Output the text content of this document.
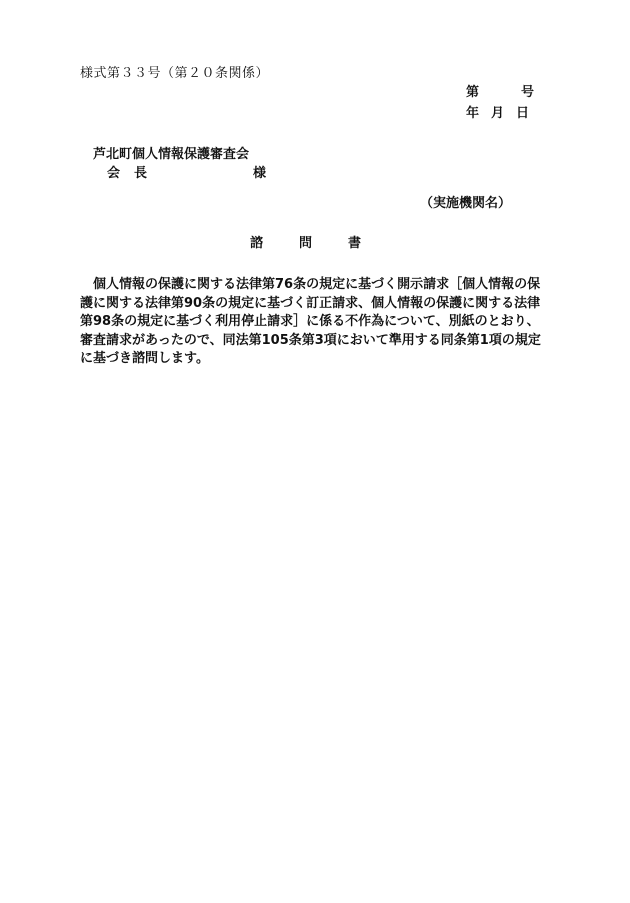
様式第３３号（第２０条関係）
第	号
年 月 日
芦北町個人情報保護審査会
会 長	様
（実施機関名）
諮	問	書
　個人情報の保護に関する法律第76条の規定に基づく開示請求［個人情報の保
護に関する法律第90条の規定に基づく訂正請求、個人情報の保護に関する法律
第98条の規定に基づく利用停止請求］に係る不作為について、別紙のとおり、
審査請求があったので、同法第105条第3項において準用する同条第1項の規定
に基づき諮問します。
